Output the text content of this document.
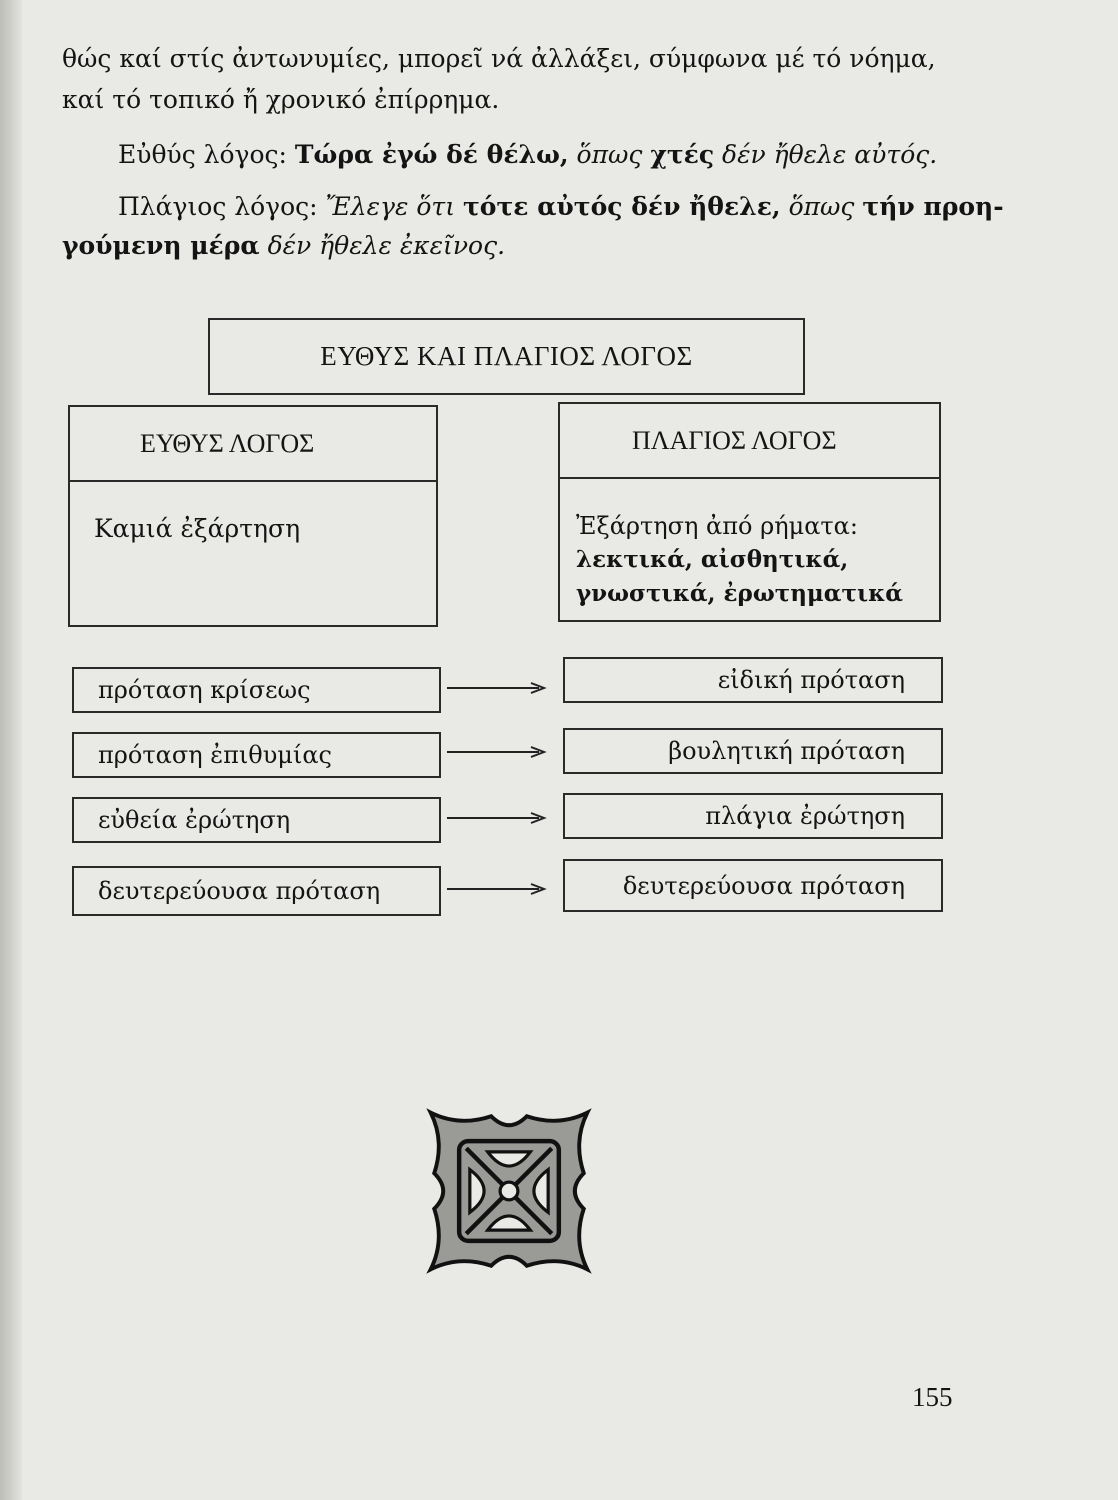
θώς καί στίς ἀντωνυμίες, μπορεῖ νά ἀλλάξει, σύμφωνα μέ τό νόημα,
καί τό τοπικό ἤ χρονικό ἐπίρρημα.
Εὐθύς λόγος: Τώρα ἐγώ δέ θέλω, ὅπως χτές δέν ἤθελε αὐτός.
Πλάγιος λόγος: Ἔλεγε ὅτι τότε αὐτός δέν ἤθελε, ὅπως τήν προη-
γούμενη μέρα δέν ἤθελε ἐκεῖνος.
ΕΥΘΥΣ ΚΑΙ ΠΛΑΓΙΟΣ ΛΟΓΟΣ
ΕΥΘΥΣ ΛΟΓΟΣ
Καμιά ἐξάρτηση
ΠΛΑΓΙΟΣ ΛΟΓΟΣ
Ἐξάρτηση ἀπό ρήματα:
λεκτικά, αἰσθητικά,
γνωστικά, ἐρωτηματικά
πρόταση κρίσεως	εἰδική πρόταση
πρόταση ἐπιθυμίας	βουλητική πρόταση
εὐθεία ἐρώτηση	πλάγια ἐρώτηση
δευτερεύουσα πρόταση	δευτερεύουσα πρόταση
155
